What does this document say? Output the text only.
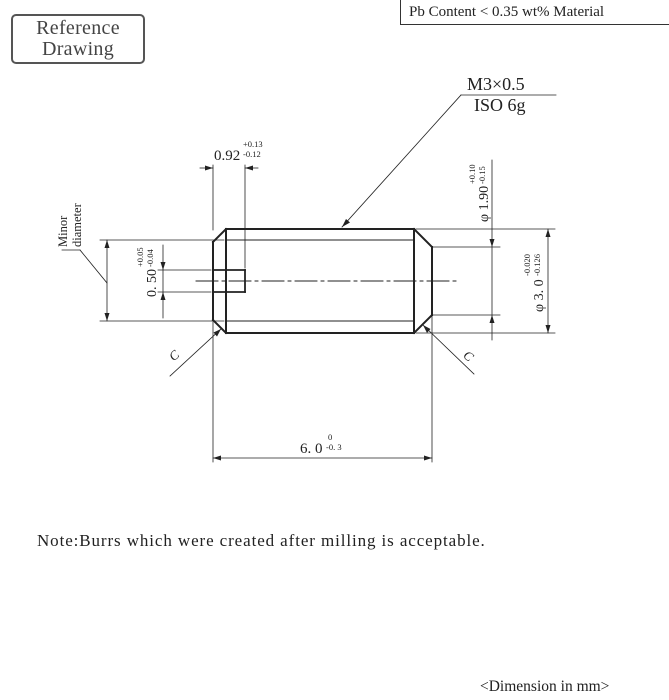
Reference
Drawing
Pb Content < 0.35 wt% Material
M3×0.5
ISO 6g
0.92
+0.13
-0.12
φ 1.90
+0.10 -0.15
φ 3. 0
-0.020 -0.126
0. 50
+0.05 -0.04
Minor diameter
6. 0
0
-0. 3
C	C
Note:Burrs which were created after milling is acceptable.
<Dimension in mm>
